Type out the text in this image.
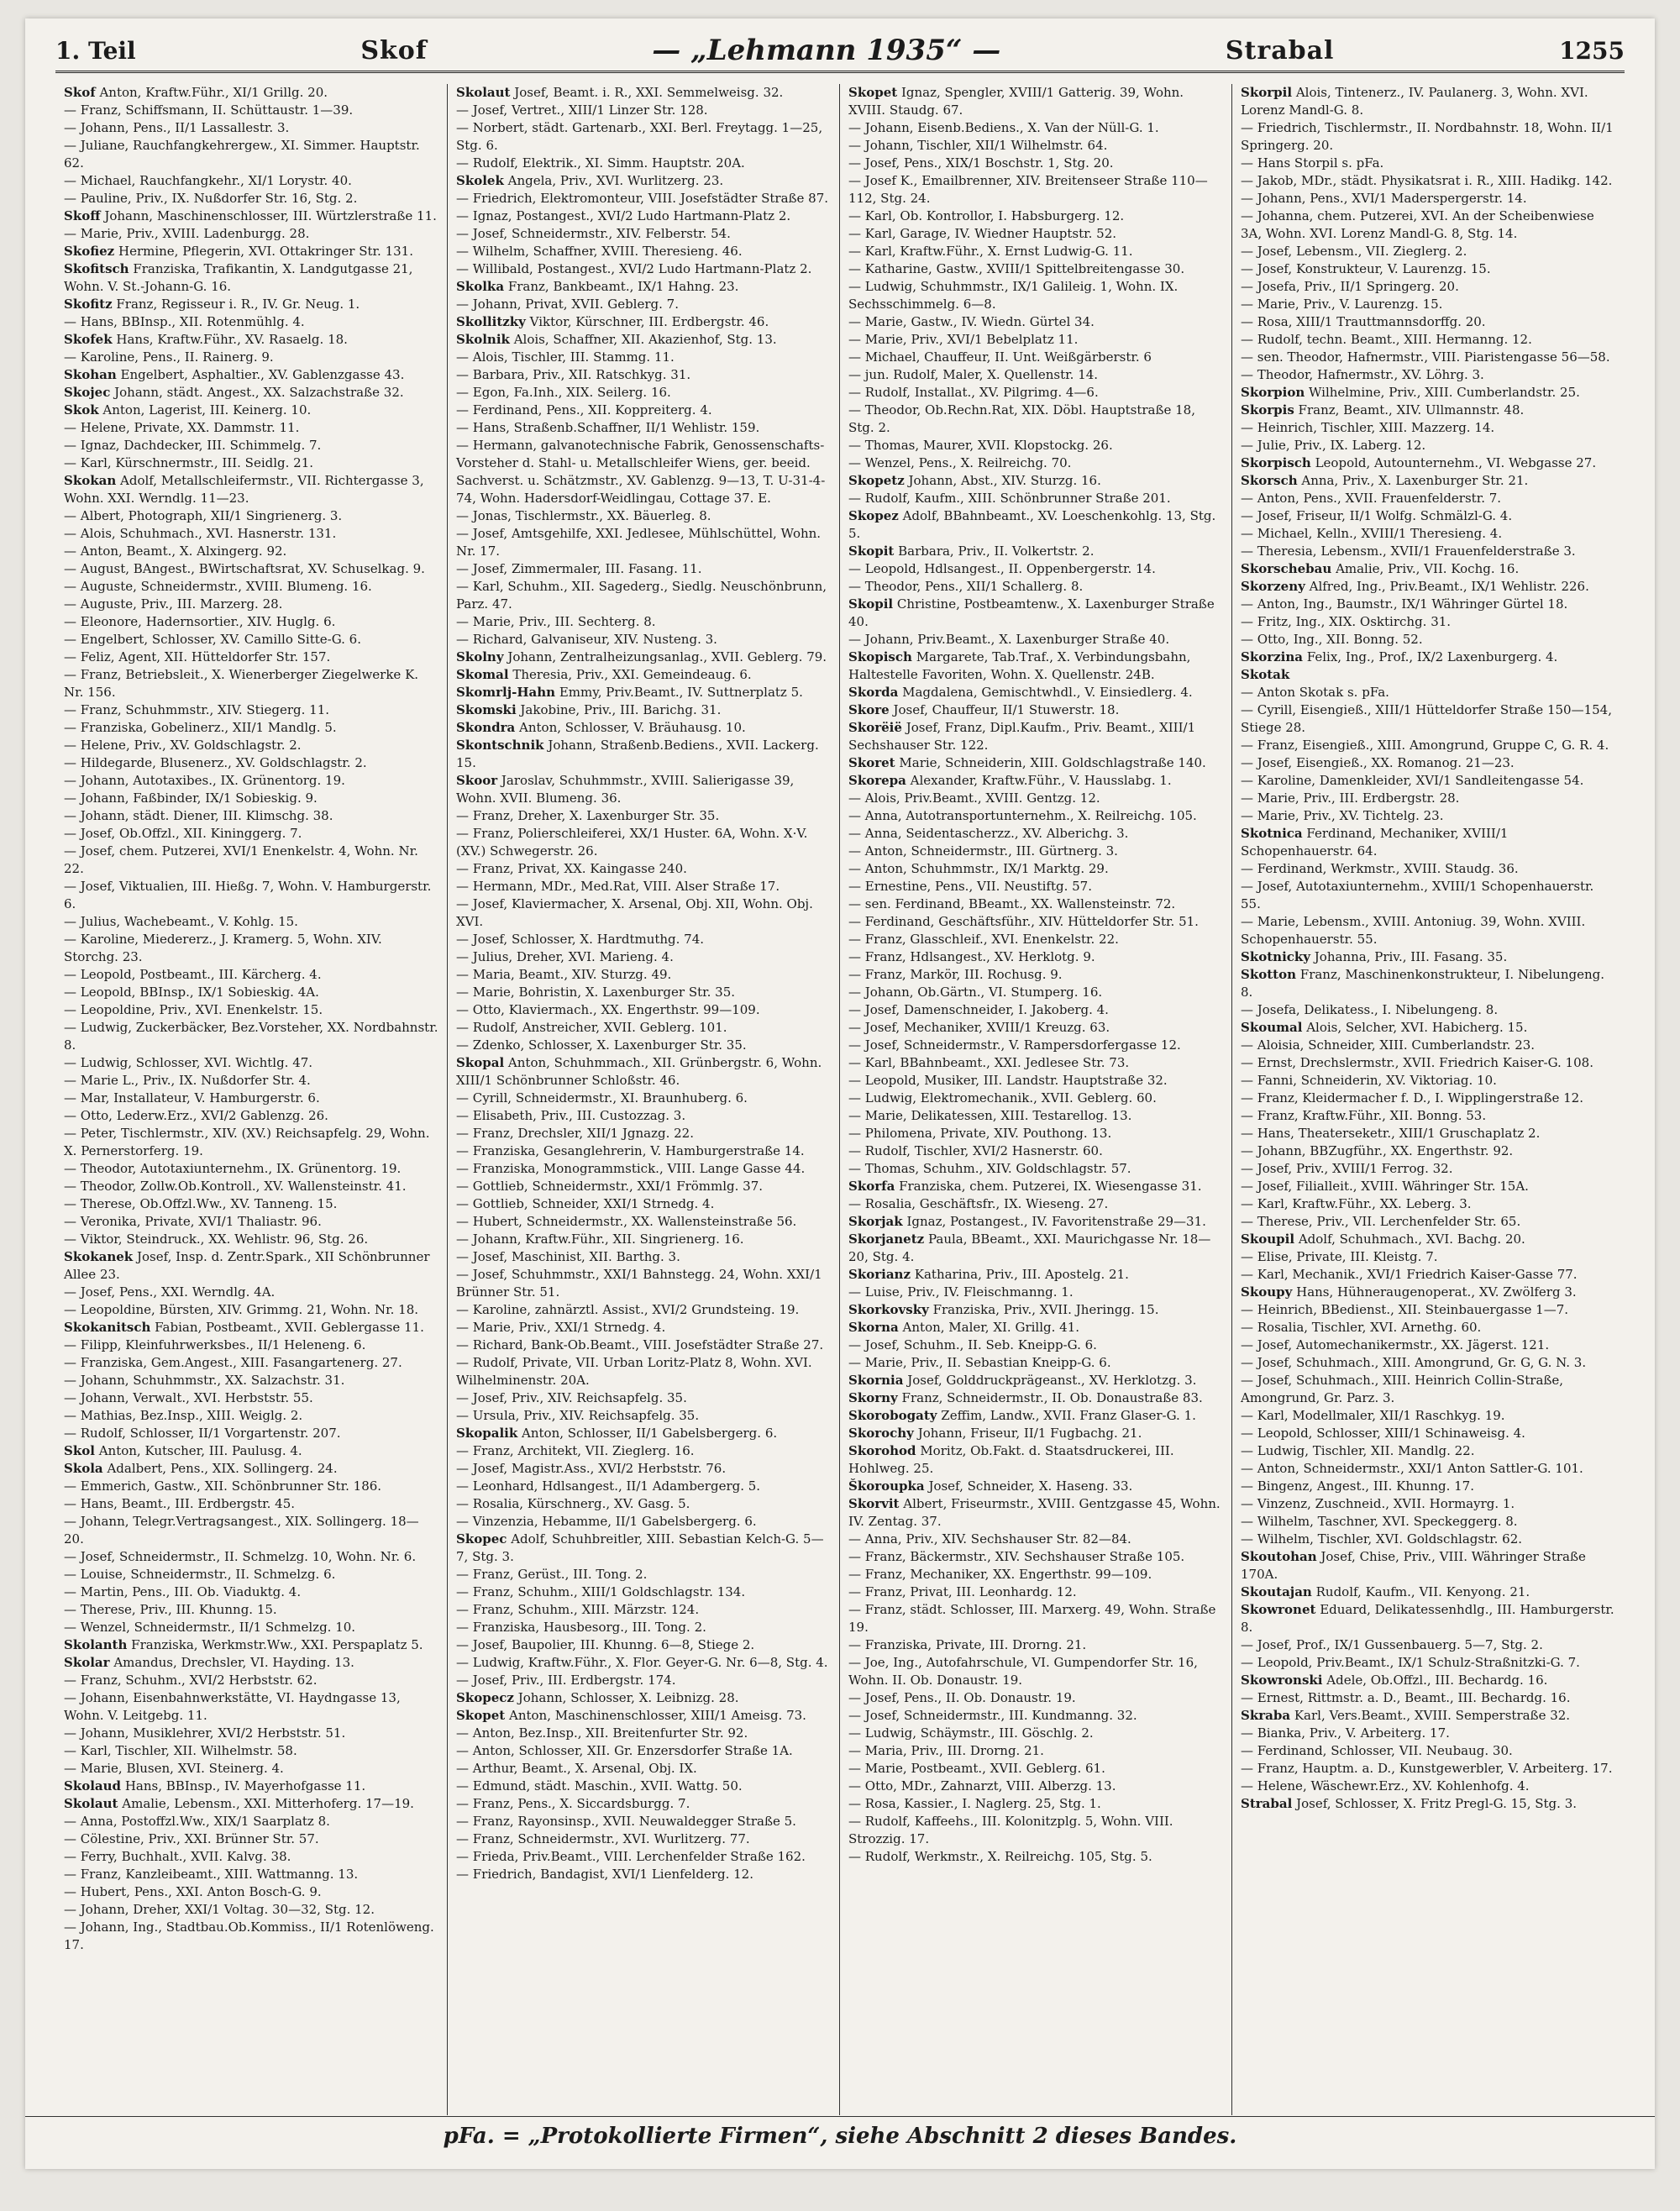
1. Teil	Skof	— „Lehmann 1935“ —	Strabal	1255
Skof Anton, Kraftw.Führ., XI/1 Grillg. 20.
— Franz, Schiffsmann, II. Schüttaustr. 1—39.
— Johann, Pens., II/1 Lassallestr. 3.
— Juliane, Rauchfangkehrergew., XI. Simmer. Hauptstr. 62.
— Michael, Rauchfangkehr., XI/1 Lorystr. 40.
— Pauline, Priv., IX. Nußdorfer Str. 16, Stg. 2.
Skoff Johann, Maschinenschlosser, III. Würtzlerstraße 11.
— Marie, Priv., XVIII. Ladenburgg. 28.
Skofiez Hermine, Pflegerin, XVI. Ottakringer Str. 131.
Skofitsch Franziska, Trafikantin, X. Landgutgasse 21, Wohn. V. St.-Johann-G. 16.
Skofitz Franz, Regisseur i. R., IV. Gr. Neug. 1.
— Hans, BBInsp., XII. Rotenmühlg. 4.
Skofek Hans, Kraftw.Führ., XV. Rasaelg. 18.
— Karoline, Pens., II. Rainerg. 9.
Skohan Engelbert, Asphaltier., XV. Gablenzgasse 43.
Skojec Johann, städt. Angest., XX. Salzachstraße 32.
Skok Anton, Lagerist, III. Keinerg. 10.
— Helene, Private, XX. Dammstr. 11.
— Ignaz, Dachdecker, III. Schimmelg. 7.
— Karl, Kürschnermstr., III. Seidlg. 21.
Skokan Adolf, Metallschleifermstr., VII. Richtergasse 3, Wohn. XXI. Werndlg. 11—23.
— Albert, Photograph, XII/1 Singrienerg. 3.
— Alois, Schuhmach., XVI. Hasnerstr. 131.
— Anton, Beamt., X. Alxingerg. 92.
— August, BAngest., BWirtschaftsrat, XV. Schuselkag. 9.
— Auguste, Schneidermstr., XVIII. Blumeng. 16.
— Auguste, Priv., III. Marzerg. 28.
— Eleonore, Hadernsortier., XIV. Huglg. 6.
— Engelbert, Schlosser, XV. Camillo Sitte-G. 6.
— Feliz, Agent, XII. Hütteldorfer Str. 157.
— Franz, Betriebsleit., X. Wienerberger Ziegelwerke K. Nr. 156.
— Franz, Schuhmmstr., XIV. Stiegerg. 11.
— Franziska, Gobelinerz., XII/1 Mandlg. 5.
— Helene, Priv., XV. Goldschlagstr. 2.
— Hildegarde, Blusenerz., XV. Goldschlagstr. 2.
— Johann, Autotaxibes., IX. Grünentorg. 19.
— Johann, Faßbinder, IX/1 Sobieskig. 9.
— Johann, städt. Diener, III. Klimschg. 38.
— Josef, Ob.Offzl., XII. Kininggerg. 7.
— Josef, chem. Putzerei, XVI/1 Enenkelstr. 4, Wohn. Nr. 22.
— Josef, Viktualien, III. Hießg. 7, Wohn. V. Hamburgerstr. 6.
— Julius, Wachebeamt., V. Kohlg. 15.
— Karoline, Miedererz., J. Kramerg. 5, Wohn. XIV. Storchg. 23.
— Leopold, Postbeamt., III. Kärcherg. 4.
— Leopold, BBInsp., IX/1 Sobieskig. 4A.
— Leopoldine, Priv., XVI. Enenkelstr. 15.
— Ludwig, Zuckerbäcker, Bez.Vorsteher, XX. Nordbahnstr. 8.
— Ludwig, Schlosser, XVI. Wichtlg. 47.
— Marie L., Priv., IX. Nußdorfer Str. 4.
— Mar, Installateur, V. Hamburgerstr. 6.
— Otto, Lederw.Erz., XVI/2 Gablenzg. 26.
— Peter, Tischlermstr., XIV. (XV.) Reichsapfelg. 29, Wohn. X. Pernerstorferg. 19.
— Theodor, Autotaxiunternehm., IX. Grünentorg. 19.
— Theodor, Zollw.Ob.Kontroll., XV. Wallensteinstr. 41.
— Therese, Ob.Offzl.Ww., XV. Tanneng. 15.
— Veronika, Private, XVI/1 Thaliastr. 96.
— Viktor, Steindruck., XX. Wehlistr. 96, Stg. 26.
Skokanek Josef, Insp. d. Zentr.Spark., XII Schönbrunner Allee 23.
— Josef, Pens., XXI. Werndlg. 4A.
— Leopoldine, Bürsten, XIV. Grimmg. 21, Wohn. Nr. 18.
Skokanitsch Fabian, Postbeamt., XVII. Geblergasse 11.
— Filipp, Kleinfuhrwerksbes., II/1 Heleneng. 6.
— Franziska, Gem.Angest., XIII. Fasangartenerg. 27.
— Johann, Schuhmmstr., XX. Salzachstr. 31.
— Johann, Verwalt., XVI. Herbststr. 55.
— Mathias, Bez.Insp., XIII. Weiglg. 2.
— Rudolf, Schlosser, II/1 Vorgartenstr. 207.
Skol Anton, Kutscher, III. Paulusg. 4.
Skola Adalbert, Pens., XIX. Sollingerg. 24.
— Emmerich, Gastw., XII. Schönbrunner Str. 186.
— Hans, Beamt., III. Erdbergstr. 45.
— Johann, Telegr.Vertragsangest., XIX. Sollingerg. 18—20.
— Josef, Schneidermstr., II. Schmelzg. 10, Wohn. Nr. 6.
— Louise, Schneidermstr., II. Schmelzg. 6.
— Martin, Pens., III. Ob. Viaduktg. 4.
— Therese, Priv., III. Khunng. 15.
— Wenzel, Schneidermstr., II/1 Schmelzg. 10.
Skolanth Franziska, Werkmstr.Ww., XXI. Perspaplatz 5.
Skolar Amandus, Drechsler, VI. Hayding. 13.
— Franz, Schuhm., XVI/2 Herbststr. 62.
— Johann, Eisenbahnwerkstätte, VI. Haydngasse 13, Wohn. V. Leitgebg. 11.
— Johann, Musiklehrer, XVI/2 Herbststr. 51.
— Karl, Tischler, XII. Wilhelmstr. 58.
— Marie, Blusen, XVI. Steinerg. 4.
Skolaud Hans, BBInsp., IV. Mayerhofgasse 11.
Skolaut Amalie, Lebensm., XXI. Mitterhoferg. 17—19.
— Anna, Postoffzl.Ww., XIX/1 Saarplatz 8.
— Cölestine, Priv., XXI. Brünner Str. 57.
— Ferry, Buchhalt., XVII. Kalvg. 38.
— Franz, Kanzleibeamt., XIII. Wattmanng. 13.
— Hubert, Pens., XXI. Anton Bosch-G. 9.
— Johann, Dreher, XXI/1 Voltag. 30—32, Stg. 12.
— Johann, Ing., Stadtbau.Ob.Kommiss., II/1 Rotenlöweng. 17.
Skolaut Josef, Beamt. i. R., XXI. Semmelweisg. 32.
— Josef, Vertret., XIII/1 Linzer Str. 128.
— Norbert, städt. Gartenarb., XXI. Berl. Freytagg. 1—25, Stg. 6.
— Rudolf, Elektrik., XI. Simm. Hauptstr. 20A.
Skolek Angela, Priv., XVI. Wurlitzerg. 23.
— Friedrich, Elektromonteur, VIII. Josefstädter Straße 87.
— Ignaz, Postangest., XVI/2 Ludo Hartmann-Platz 2.
— Josef, Schneidermstr., XIV. Felberstr. 54.
— Wilhelm, Schaffner, XVIII. Theresieng. 46.
— Willibald, Postangest., XVI/2 Ludo Hartmann-Platz 2.
Skolka Franz, Bankbeamt., IX/1 Hahng. 23.
— Johann, Privat, XVII. Geblerg. 7.
Skollitzky Viktor, Kürschner, III. Erdbergstr. 46.
Skolnik Alois, Schaffner, XII. Akazienhof, Stg. 13.
— Alois, Tischler, III. Stammg. 11.
— Barbara, Priv., XII. Ratschkyg. 31.
— Egon, Fa.Inh., XIX. Seilerg. 16.
— Ferdinand, Pens., XII. Koppreiterg. 4.
— Hans, Straßenb.Schaffner, II/1 Wehlistr. 159.
— Hermann, galvanotechnische Fabrik, Genossenschafts-Vorsteher d. Stahl- u. Metallschleifer Wiens, ger. beeid. Sachverst. u. Schätzmstr., XV. Gablenzg. 9—13, T. U-31-4-74, Wohn. Hadersdorf-Weidlingau, Cottage 37. E.
— Jonas, Tischlermstr., XX. Bäuerleg. 8.
— Josef, Amtsgehilfe, XXI. Jedlesee, Mühlschüttel, Wohn. Nr. 17.
— Josef, Zimmermaler, III. Fasang. 11.
— Karl, Schuhm., XII. Sagederg., Siedlg. Neuschönbrunn, Parz. 47.
— Marie, Priv., III. Sechterg. 8.
— Richard, Galvaniseur, XIV. Nusteng. 3.
Skolny Johann, Zentralheizungsanlag., XVII. Geblerg. 79.
Skomal Theresia, Priv., XXI. Gemeindeaug. 6.
Skomrlj-Hahn Emmy, Priv.Beamt., IV. Suttnerplatz 5.
Skomski Jakobine, Priv., III. Barichg. 31.
Skondra Anton, Schlosser, V. Bräuhausg. 10.
Skontschnik Johann, Straßenb.Bediens., XVII. Lackerg. 15.
Skoor Jaroslav, Schuhmmstr., XVIII. Salierigasse 39, Wohn. XVII. Blumeng. 36.
— Franz, Dreher, X. Laxenburger Str. 35.
— Franz, Polierschleiferei, XX/1 Huster. 6A, Wohn. X·V. (XV.) Schwegerstr. 26.
— Franz, Privat, XX. Kaingasse 240.
— Hermann, MDr., Med.Rat, VIII. Alser Straße 17.
— Josef, Klaviermacher, X. Arsenal, Obj. XII, Wohn. Obj. XVI.
— Josef, Schlosser, X. Hardtmuthg. 74.
— Julius, Dreher, XVI. Marieng. 4.
— Maria, Beamt., XIV. Sturzg. 49.
— Marie, Bohristin, X. Laxenburger Str. 35.
— Otto, Klaviermach., XX. Engerthstr. 99—109.
— Rudolf, Anstreicher, XVII. Geblerg. 101.
— Zdenko, Schlosser, X. Laxenburger Str. 35.
Skopal Anton, Schuhmmach., XII. Grünbergstr. 6, Wohn. XIII/1 Schönbrunner Schloßstr. 46.
— Cyrill, Schneidermstr., XI. Braunhuberg. 6.
— Elisabeth, Priv., III. Custozzag. 3.
— Franz, Drechsler, XII/1 Jgnazg. 22.
— Franziska, Gesanglehrerin, V. Hamburgerstraße 14.
— Franziska, Monogrammstick., VIII. Lange Gasse 44.
— Gottlieb, Schneidermstr., XXI/1 Frömmlg. 37.
— Gottlieb, Schneider, XXI/1 Strnedg. 4.
— Hubert, Schneidermstr., XX. Wallensteinstraße 56.
— Johann, Kraftw.Führ., XII. Singrienerg. 16.
— Josef, Maschinist, XII. Barthg. 3.
— Josef, Schuhmmstr., XXI/1 Bahnstegg. 24, Wohn. XXI/1 Brünner Str. 51.
— Karoline, zahnärztl. Assist., XVI/2 Grundsteing. 19.
— Marie, Priv., XXI/1 Strnedg. 4.
— Richard, Bank-Ob.Beamt., VIII. Josefstädter Straße 27.
— Rudolf, Private, VII. Urban Loritz-Platz 8, Wohn. XVI. Wilhelminenstr. 20A.
— Josef, Priv., XIV. Reichsapfelg. 35.
— Ursula, Priv., XIV. Reichsapfelg. 35.
Skopalik Anton, Schlosser, II/1 Gabelsbergerg. 6.
— Franz, Architekt, VII. Zieglerg. 16.
— Josef, Magistr.Ass., XVI/2 Herbststr. 76.
— Leonhard, Hdlsangest., II/1 Adambergerg. 5.
— Rosalia, Kürschnerg., XV. Gasg. 5.
— Vinzenzia, Hebamme, II/1 Gabelsbergerg. 6.
Skopec Adolf, Schuhbreitler, XIII. Sebastian Kelch-G. 5—7, Stg. 3.
— Franz, Gerüst., III. Tong. 2.
— Franz, Schuhm., XIII/1 Goldschlagstr. 134.
— Franz, Schuhm., XIII. Märzstr. 124.
— Franziska, Hausbesorg., III. Tong. 2.
— Josef, Baupolier, III. Khunng. 6—8, Stiege 2.
— Ludwig, Kraftw.Führ., X. Flor. Geyer-G. Nr. 6—8, Stg. 4.
— Josef, Priv., III. Erdbergstr. 174.
Skopecz Johann, Schlosser, X. Leibnizg. 28.
Skopet Anton, Maschinenschlosser, XIII/1 Ameisg. 73.
— Anton, Bez.Insp., XII. Breitenfurter Str. 92.
— Anton, Schlosser, XII. Gr. Enzersdorfer Straße 1A.
— Arthur, Beamt., X. Arsenal, Obj. IX.
— Edmund, städt. Maschin., XVII. Wattg. 50.
— Franz, Pens., X. Siccardsburgg. 7.
— Franz, Rayonsinsp., XVII. Neuwaldegger Straße 5.
— Franz, Schneidermstr., XVI. Wurlitzerg. 77.
— Frieda, Priv.Beamt., VIII. Lerchenfelder Straße 162.
— Friedrich, Bandagist, XVI/1 Lienfelderg. 12.
Skopet Ignaz, Spengler, XVIII/1 Gatterig. 39, Wohn. XVIII. Staudg. 67.
— Johann, Eisenb.Bediens., X. Van der Nüll-G. 1.
— Johann, Tischler, XII/1 Wilhelmstr. 64.
— Josef, Pens., XIX/1 Boschstr. 1, Stg. 20.
— Josef K., Emailbrenner, XIV. Breitenseer Straße 110—112, Stg. 24.
— Karl, Ob. Kontrollor, I. Habsburgerg. 12.
— Karl, Garage, IV. Wiedner Hauptstr. 52.
— Karl, Kraftw.Führ., X. Ernst Ludwig-G. 11.
— Katharine, Gastw., XVIII/1 Spittelbreitengasse 30.
— Ludwig, Schuhmmstr., IX/1 Galileig. 1, Wohn. IX. Sechsschimmelg. 6—8.
— Marie, Gastw., IV. Wiedn. Gürtel 34.
— Marie, Priv., XVI/1 Bebelplatz 11.
— Michael, Chauffeur, II. Unt. Weißgärberstr. 6
— jun. Rudolf, Maler, X. Quellenstr. 14.
— Rudolf, Installat., XV. Pilgrimg. 4—6.
— Theodor, Ob.Rechn.Rat, XIX. Döbl. Hauptstraße 18, Stg. 2.
— Thomas, Maurer, XVII. Klopstockg. 26.
— Wenzel, Pens., X. Reilreichg. 70.
Skopetz Johann, Abst., XIV. Sturzg. 16.
— Rudolf, Kaufm., XIII. Schönbrunner Straße 201.
Skopez Adolf, BBahnbeamt., XV. Loeschenkohlg. 13, Stg. 5.
Skopit Barbara, Priv., II. Volkertstr. 2.
— Leopold, Hdlsangest., II. Oppenbergerstr. 14.
— Theodor, Pens., XII/1 Schallerg. 8.
Skopil Christine, Postbeamtenw., X. Laxenburger Straße 40.
— Johann, Priv.Beamt., X. Laxenburger Straße 40.
Skopisch Margarete, Tab.Traf., X. Verbindungsbahn, Haltestelle Favoriten, Wohn. X. Quellenstr. 24B.
Skorda Magdalena, Gemischtwhdl., V. Einsiedlerg. 4.
Skore Josef, Chauffeur, II/1 Stuwerstr. 18.
Skorëië Josef, Franz, Dipl.Kaufm., Priv. Beamt., XIII/1 Sechshauser Str. 122.
Skoret Marie, Schneiderin, XIII. Goldschlagstraße 140.
Skorepa Alexander, Kraftw.Führ., V. Hausslabg. 1.
— Alois, Priv.Beamt., XVIII. Gentzg. 12.
— Anna, Autotransportunternehm., X. Reilreichg. 105.
— Anna, Seidentascherzz., XV. Alberichg. 3.
— Anton, Schneidermstr., III. Gürtnerg. 3.
— Anton, Schuhmmstr., IX/1 Marktg. 29.
— Ernestine, Pens., VII. Neustiftg. 57.
— sen. Ferdinand, BBeamt., XX. Wallensteinstr. 72.
— Ferdinand, Geschäftsführ., XIV. Hütteldorfer Str. 51.
— Franz, Glasschleif., XVI. Enenkelstr. 22.
— Franz, Hdlsangest., XV. Herklotg. 9.
— Franz, Markör, III. Rochusg. 9.
— Johann, Ob.Gärtn., VI. Stumperg. 16.
— Josef, Damenschneider, I. Jakoberg. 4.
— Josef, Mechaniker, XVIII/1 Kreuzg. 63.
— Josef, Schneidermstr., V. Rampersdorfergasse 12.
— Karl, BBahnbeamt., XXI. Jedlesee Str. 73.
— Leopold, Musiker, III. Landstr. Hauptstraße 32.
— Ludwig, Elektromechanik., XVII. Geblerg. 60.
— Marie, Delikatessen, XIII. Testarellog. 13.
— Philomena, Private, XIV. Pouthong. 13.
— Rudolf, Tischler, XVI/2 Hasnerstr. 60.
— Thomas, Schuhm., XIV. Goldschlagstr. 57.
Skorfa Franziska, chem. Putzerei, IX. Wiesengasse 31.
— Rosalia, Geschäftsfr., IX. Wieseng. 27.
Skorjak Ignaz, Postangest., IV. Favoritenstraße 29—31.
Skorjanetz Paula, BBeamt., XXI. Maurichgasse Nr. 18—20, Stg. 4.
Skorianz Katharina, Priv., III. Apostelg. 21.
— Luise, Priv., IV. Fleischmanng. 1.
Skorkovsky Franziska, Priv., XVII. Jheringg. 15.
Skorna Anton, Maler, XI. Grillg. 41.
— Josef, Schuhm., II. Seb. Kneipp-G. 6.
— Marie, Priv., II. Sebastian Kneipp-G. 6.
Skornia Josef, Golddruckprägeanst., XV. Herklotzg. 3.
Skorny Franz, Schneidermstr., II. Ob. Donaustraße 83.
Skorobogaty Zeffim, Landw., XVII. Franz Glaser-G. 1.
Skorochy Johann, Friseur, II/1 Fugbachg. 21.
Skorohod Moritz, Ob.Fakt. d. Staatsdruckerei, III. Hohlweg. 25.
Škoroupka Josef, Schneider, X. Haseng. 33.
Skorvit Albert, Friseurmstr., XVIII. Gentzgasse 45, Wohn. IV. Zentag. 37.
— Anna, Priv., XIV. Sechshauser Str. 82—84.
— Franz, Bäckermstr., XIV. Sechshauser Straße 105.
— Franz, Mechaniker, XX. Engerthstr. 99—109.
— Franz, Privat, III. Leonhardg. 12.
— Franz, städt. Schlosser, III. Marxerg. 49, Wohn. Straße 19.
— Franziska, Private, III. Drorng. 21.
— Joe, Ing., Autofahrschule, VI. Gumpendorfer Str. 16, Wohn. II. Ob. Donaustr. 19.
— Josef, Pens., II. Ob. Donaustr. 19.
— Josef, Schneidermstr., III. Kundmanng. 32.
— Ludwig, Schäymstr., III. Göschlg. 2.
— Maria, Priv., III. Drorng. 21.
— Marie, Postbeamt., XVII. Geblerg. 61.
— Otto, MDr., Zahnarzt, VIII. Alberzg. 13.
— Rosa, Kassier., I. Naglerg. 25, Stg. 1.
— Rudolf, Kaffeehs., III. Kolonitzplg. 5, Wohn. VIII. Strozzig. 17.
— Rudolf, Werkmstr., X. Reilreichg. 105, Stg. 5.
Skorpil Alois, Tintenerz., IV. Paulanerg. 3, Wohn. XVI. Lorenz Mandl-G. 8.
— Friedrich, Tischlermstr., II. Nordbahnstr. 18, Wohn. II/1 Springerg. 20.
— Hans Storpil s. pFa.
— Jakob, MDr., städt. Physikatsrat i. R., XIII. Hadikg. 142.
— Johann, Pens., XVI/1 Maderspergerstr. 14.
— Johanna, chem. Putzerei, XVI. An der Scheibenwiese 3A, Wohn. XVI. Lorenz Mandl-G. 8, Stg. 14.
— Josef, Lebensm., VII. Zieglerg. 2.
— Josef, Konstrukteur, V. Laurenzg. 15.
— Josefa, Priv., II/1 Springerg. 20.
— Marie, Priv., V. Laurenzg. 15.
— Rosa, XIII/1 Trauttmannsdorffg. 20.
— Rudolf, techn. Beamt., XIII. Hermanng. 12.
— sen. Theodor, Hafnermstr., VIII. Piaristengasse 56—58.
— Theodor, Hafnermstr., XV. Löhrg. 3.
Skorpion Wilhelmine, Priv., XIII. Cumberlandstr. 25.
Skorpis Franz, Beamt., XIV. Ullmannstr. 48.
— Heinrich, Tischler, XIII. Mazzerg. 14.
— Julie, Priv., IX. Laberg. 12.
Skorpisch Leopold, Autounternehm., VI. Webgasse 27.
Skorsch Anna, Priv., X. Laxenburger Str. 21.
— Anton, Pens., XVII. Frauenfelderstr. 7.
— Josef, Friseur, II/1 Wolfg. Schmälzl-G. 4.
— Michael, Kelln., XVIII/1 Theresieng. 4.
— Theresia, Lebensm., XVII/1 Frauenfelderstraße 3.
Skorschebau Amalie, Priv., VII. Kochg. 16.
Skorzeny Alfred, Ing., Priv.Beamt., IX/1 Wehlistr. 226.
— Anton, Ing., Baumstr., IX/1 Währinger Gürtel 18.
— Fritz, Ing., XIX. Osktirchg. 31.
— Otto, Ing., XII. Bonng. 52.
Skorzina Felix, Ing., Prof., IX/2 Laxenburgerg. 4.
Skotak
— Anton Skotak s. pFa.
— Cyrill, Eisengieß., XIII/1 Hütteldorfer Straße 150—154, Stiege 28.
— Franz, Eisengieß., XIII. Amongrund, Gruppe C, G. R. 4.
— Josef, Eisengieß., XX. Romanog. 21—23.
— Karoline, Damenkleider, XVI/1 Sandleitengasse 54.
— Marie, Priv., III. Erdbergstr. 28.
— Marie, Priv., XV. Tichtelg. 23.
Skotnica Ferdinand, Mechaniker, XVIII/1 Schopenhauerstr. 64.
— Ferdinand, Werkmstr., XVIII. Staudg. 36.
— Josef, Autotaxiunternehm., XVIII/1 Schopenhauerstr. 55.
— Marie, Lebensm., XVIII. Antoniug. 39, Wohn. XVIII. Schopenhauerstr. 55.
Skotnicky Johanna, Priv., III. Fasang. 35.
Skotton Franz, Maschinenkonstrukteur, I. Nibelungeng. 8.
— Josefa, Delikatess., I. Nibelungeng. 8.
Skoumal Alois, Selcher, XVI. Habicherg. 15.
— Aloisia, Schneider, XIII. Cumberlandstr. 23.
— Ernst, Drechslermstr., XVII. Friedrich Kaiser-G. 108.
— Fanni, Schneiderin, XV. Viktoriag. 10.
— Franz, Kleidermacher f. D., I. Wipplingerstraße 12.
— Franz, Kraftw.Führ., XII. Bonng. 53.
— Hans, Theaterseketr., XIII/1 Gruschaplatz 2.
— Johann, BBZugführ., XX. Engerthstr. 92.
— Josef, Priv., XVIII/1 Ferrog. 32.
— Josef, Filialleit., XVIII. Währinger Str. 15A.
— Karl, Kraftw.Führ., XX. Leberg. 3.
— Therese, Priv., VII. Lerchenfelder Str. 65.
Skoupil Adolf, Schuhmach., XVI. Bachg. 20.
— Elise, Private, III. Kleistg. 7.
— Karl, Mechanik., XVI/1 Friedrich Kaiser-Gasse 77.
Skoupy Hans, Hühneraugenoperat., XV. Zwölferg 3.
— Heinrich, BBedienst., XII. Steinbauergasse 1—7.
— Rosalia, Tischler, XVI. Arnethg. 60.
— Josef, Automechanikermstr., XX. Jägerst. 121.
— Josef, Schuhmach., XIII. Amongrund, Gr. G, G. N. 3.
— Josef, Schuhmach., XIII. Heinrich Collin-Straße, Amongrund, Gr. Parz. 3.
— Karl, Modellmaler, XII/1 Raschkyg. 19.
— Leopold, Schlosser, XIII/1 Schinaweisg. 4.
— Ludwig, Tischler, XII. Mandlg. 22.
— Anton, Schneidermstr., XXI/1 Anton Sattler-G. 101.
— Bingenz, Angest., III. Khunng. 17.
— Vinzenz, Zuschneid., XVII. Hormayrg. 1.
— Wilhelm, Taschner, XVI. Speckeggerg. 8.
— Wilhelm, Tischler, XVI. Goldschlagstr. 62.
Skoutohan Josef, Chise, Priv., VIII. Währinger Straße 170A.
Skoutajan Rudolf, Kaufm., VII. Kenyong. 21.
Skowronet Eduard, Delikatessenhdlg., III. Hamburgerstr. 8.
— Josef, Prof., IX/1 Gussenbauerg. 5—7, Stg. 2.
— Leopold, Priv.Beamt., IX/1 Schulz-Straßnitzki-G. 7.
Skowronski Adele, Ob.Offzl., III. Bechardg. 16.
— Ernest, Rittmstr. a. D., Beamt., III. Bechardg. 16.
Skraba Karl, Vers.Beamt., XVIII. Semperstraße 32.
— Bianka, Priv., V. Arbeiterg. 17.
— Ferdinand, Schlosser, VII. Neubaug. 30.
— Franz, Hauptm. a. D., Kunstgewerbler, V. Arbeiterg. 17.
— Helene, Wäschewr.Erz., XV. Kohlenhofg. 4.
Strabal Josef, Schlosser, X. Fritz Pregl-G. 15, Stg. 3.
pFa. = „Protokollierte Firmen“, siehe Abschnitt 2 dieses Bandes.
